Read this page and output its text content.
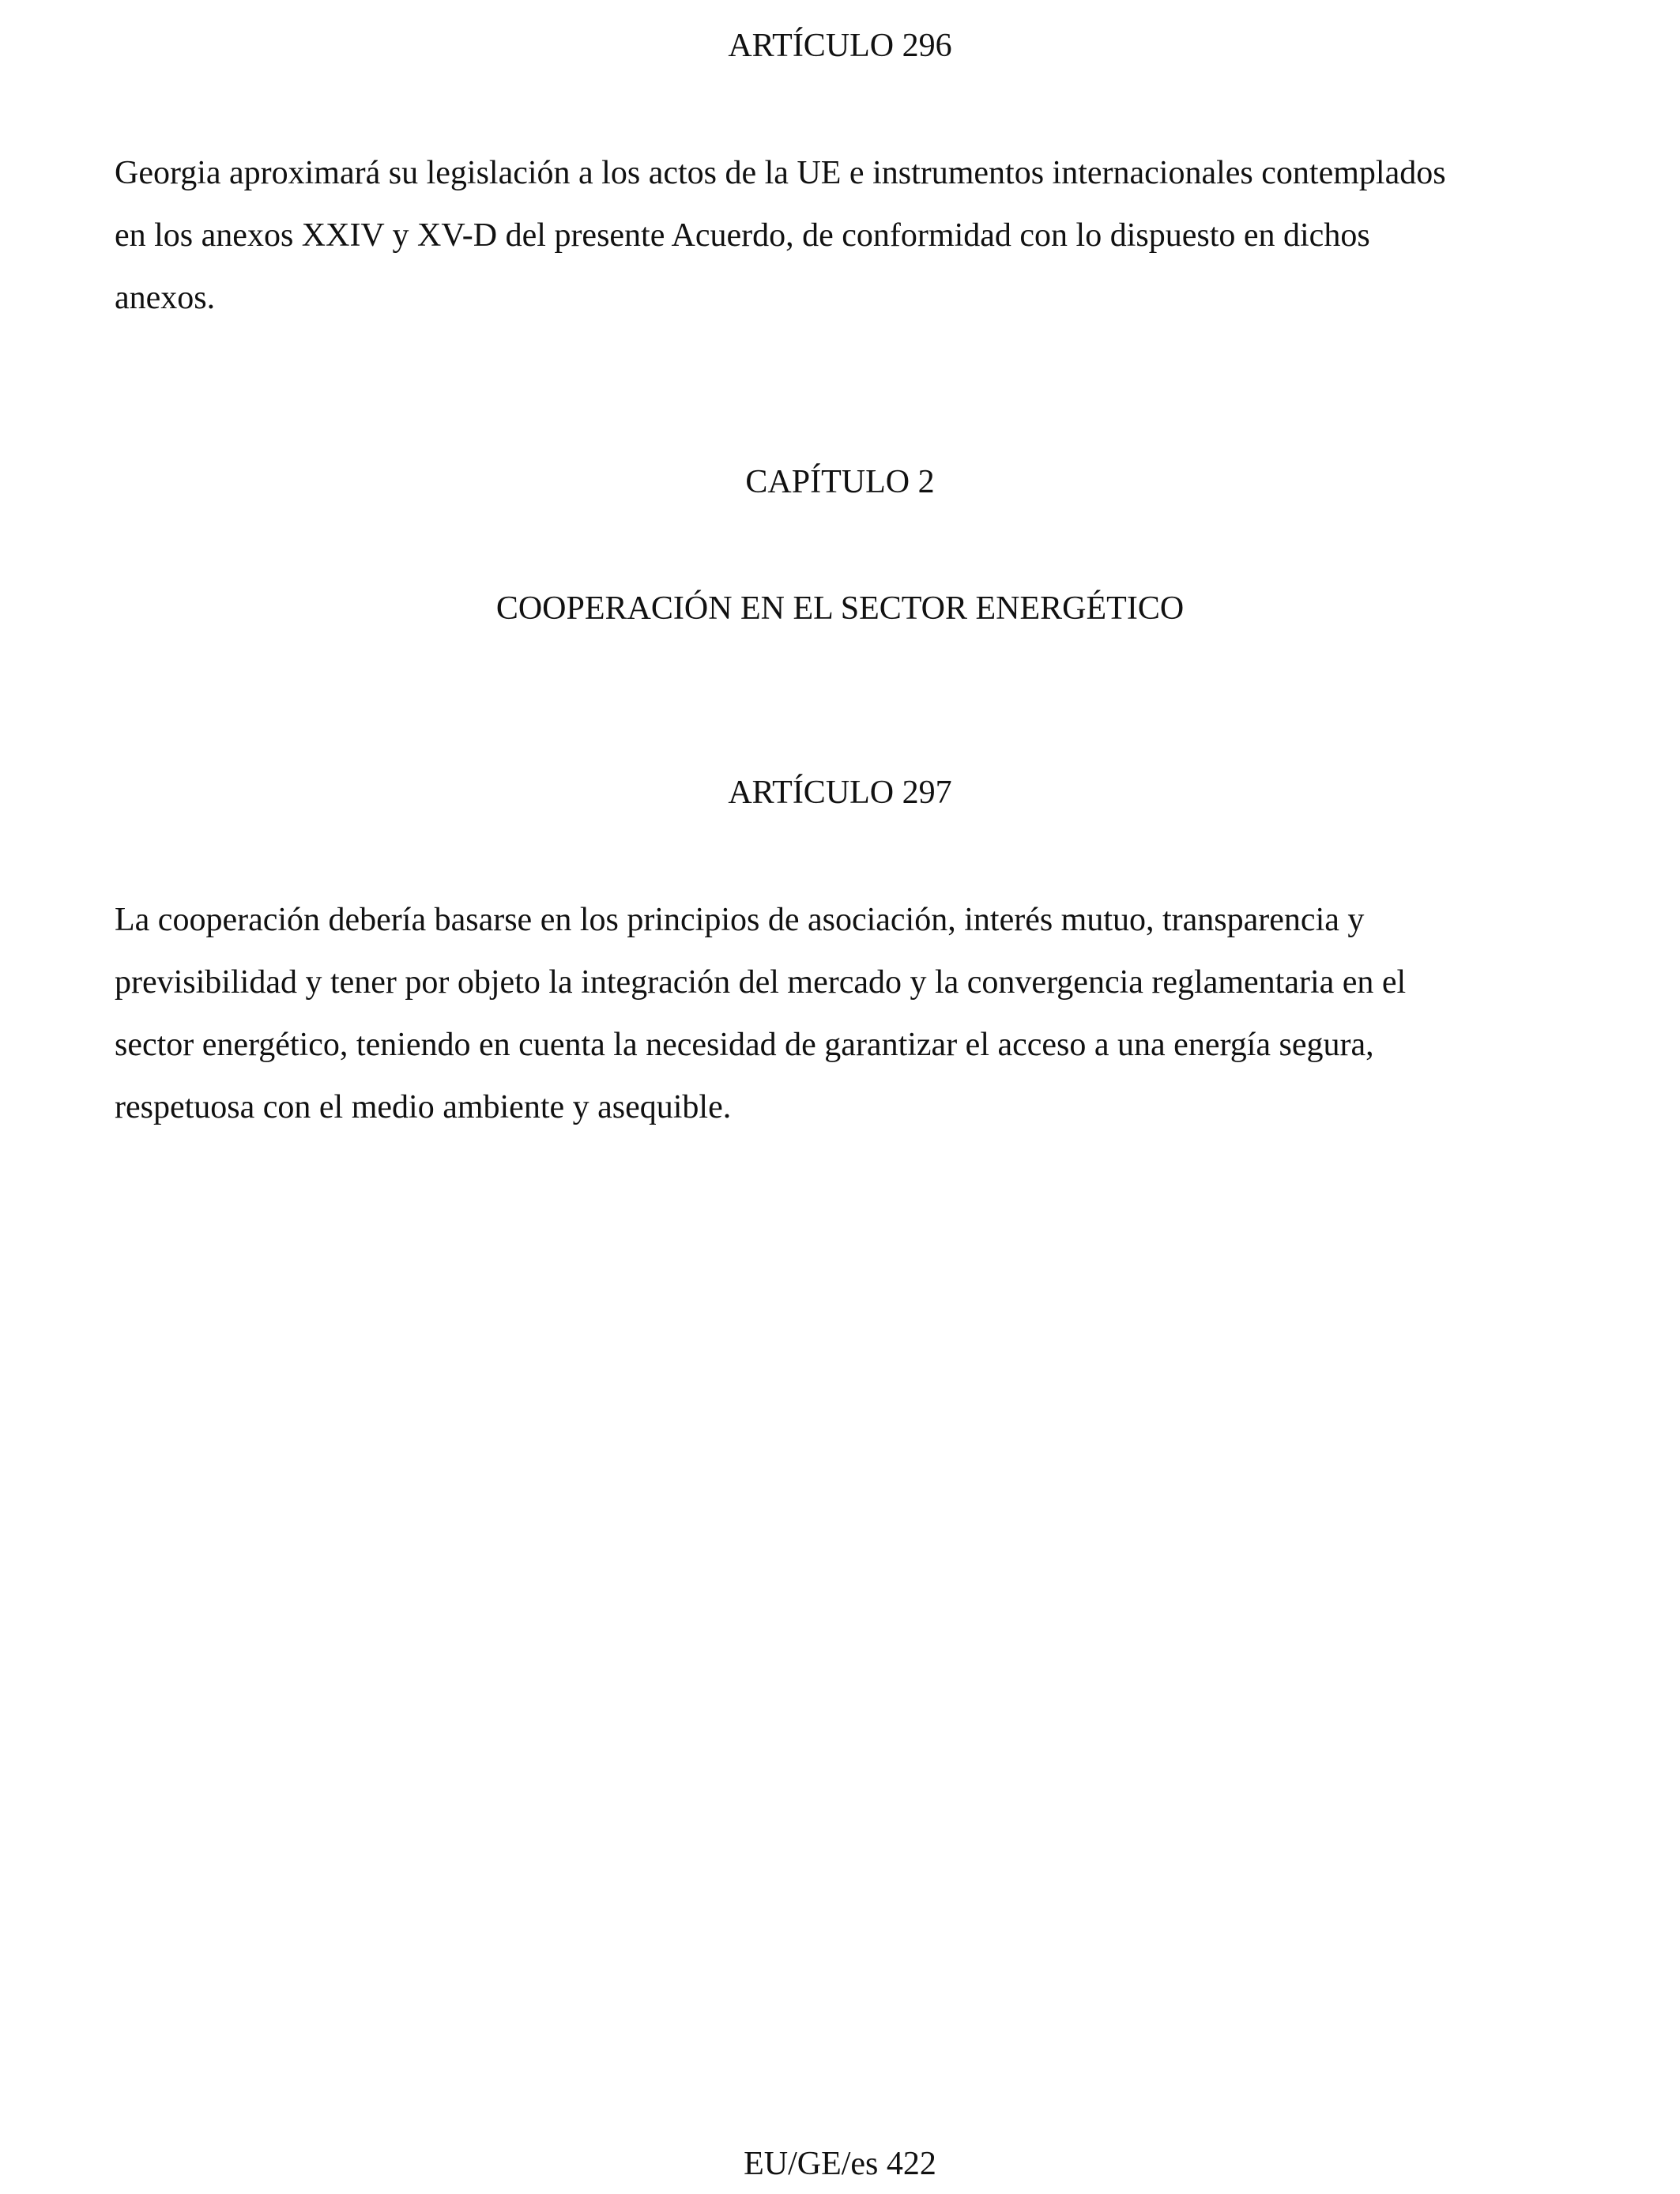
ARTÍCULO 296
Georgia aproximará su legislación a los actos de la UE e instrumentos internacionales contemplados
en los anexos XXIV y XV-D del presente Acuerdo, de conformidad con lo dispuesto en dichos
anexos.
CAPÍTULO 2
COOPERACIÓN EN EL SECTOR ENERGÉTICO
ARTÍCULO 297
La cooperación debería basarse en los principios de asociación, interés mutuo, transparencia y
previsibilidad y tener por objeto la integración del mercado y la convergencia reglamentaria en el
sector energético, teniendo en cuenta la necesidad de garantizar el acceso a una energía segura,
respetuosa con el medio ambiente y asequible.
EU/GE/es 422
